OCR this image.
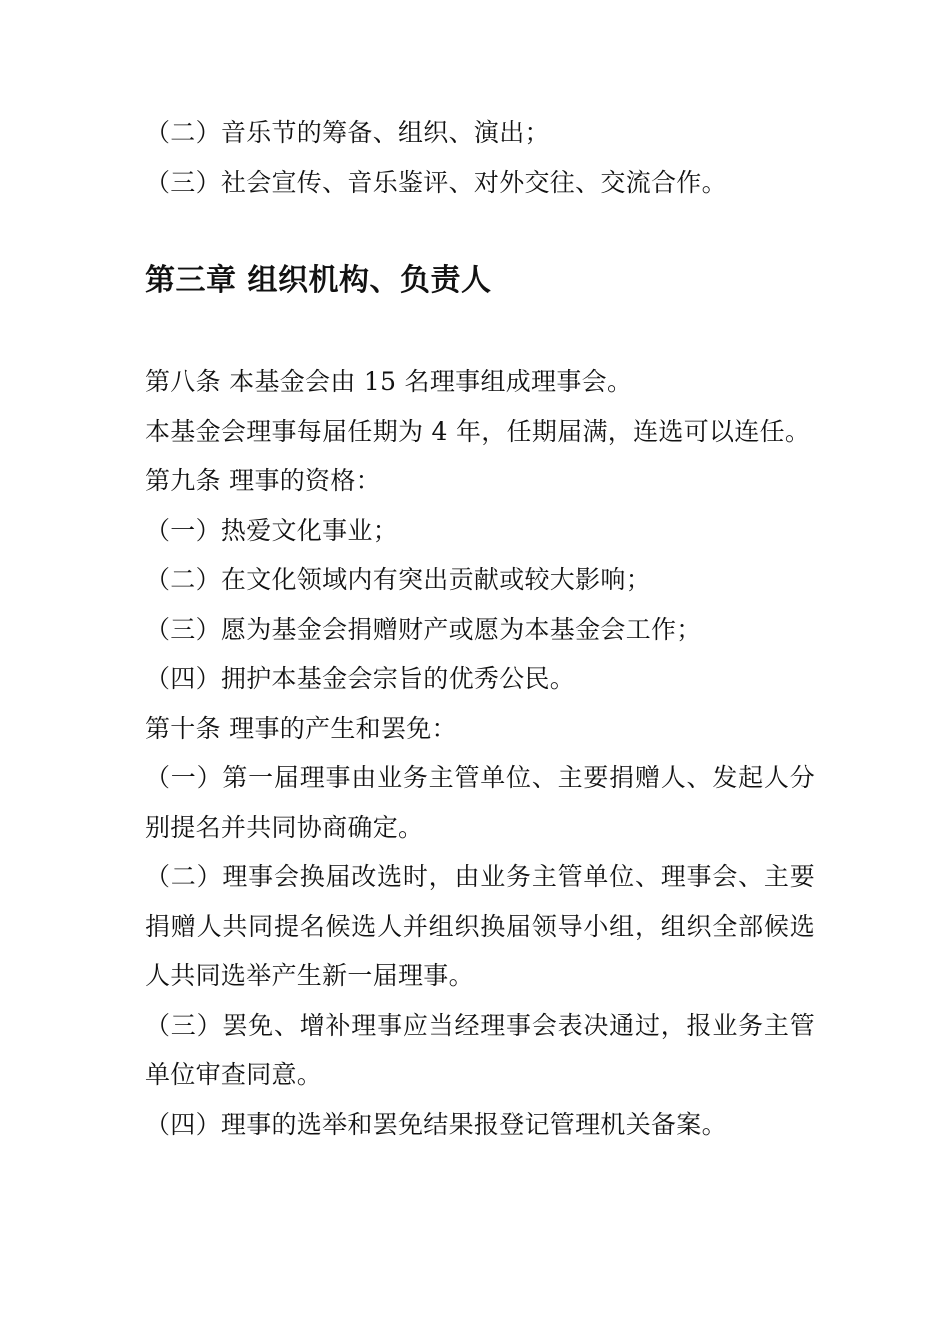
（二）音乐节的筹备、组织、演出；

（三）社会宣传、音乐鉴评、对外交往、交流合作。

第三章 组织机构、负责人

第八条 本基金会由 15 名理事组成理事会。

本基金会理事每届任期为 4 年，任期届满，连选可以连任。

第九条 理事的资格：

（一）热爱文化事业；

（二）在文化领域内有突出贡献或较大影响；

（三）愿为基金会捐赠财产或愿为本基金会工作；

（四）拥护本基金会宗旨的优秀公民。

第十条 理事的产生和罢免：

（一）第一届理事由业务主管单位、主要捐赠人、发起人分别提名并共同协商确定。

（二）理事会换届改选时，由业务主管单位、理事会、主要捐赠人共同提名候选人并组织换届领导小组，组织全部候选人共同选举产生新一届理事。

（三）罢免、增补理事应当经理事会表决通过，报业务主管单位审查同意。

（四）理事的选举和罢免结果报登记管理机关备案。
